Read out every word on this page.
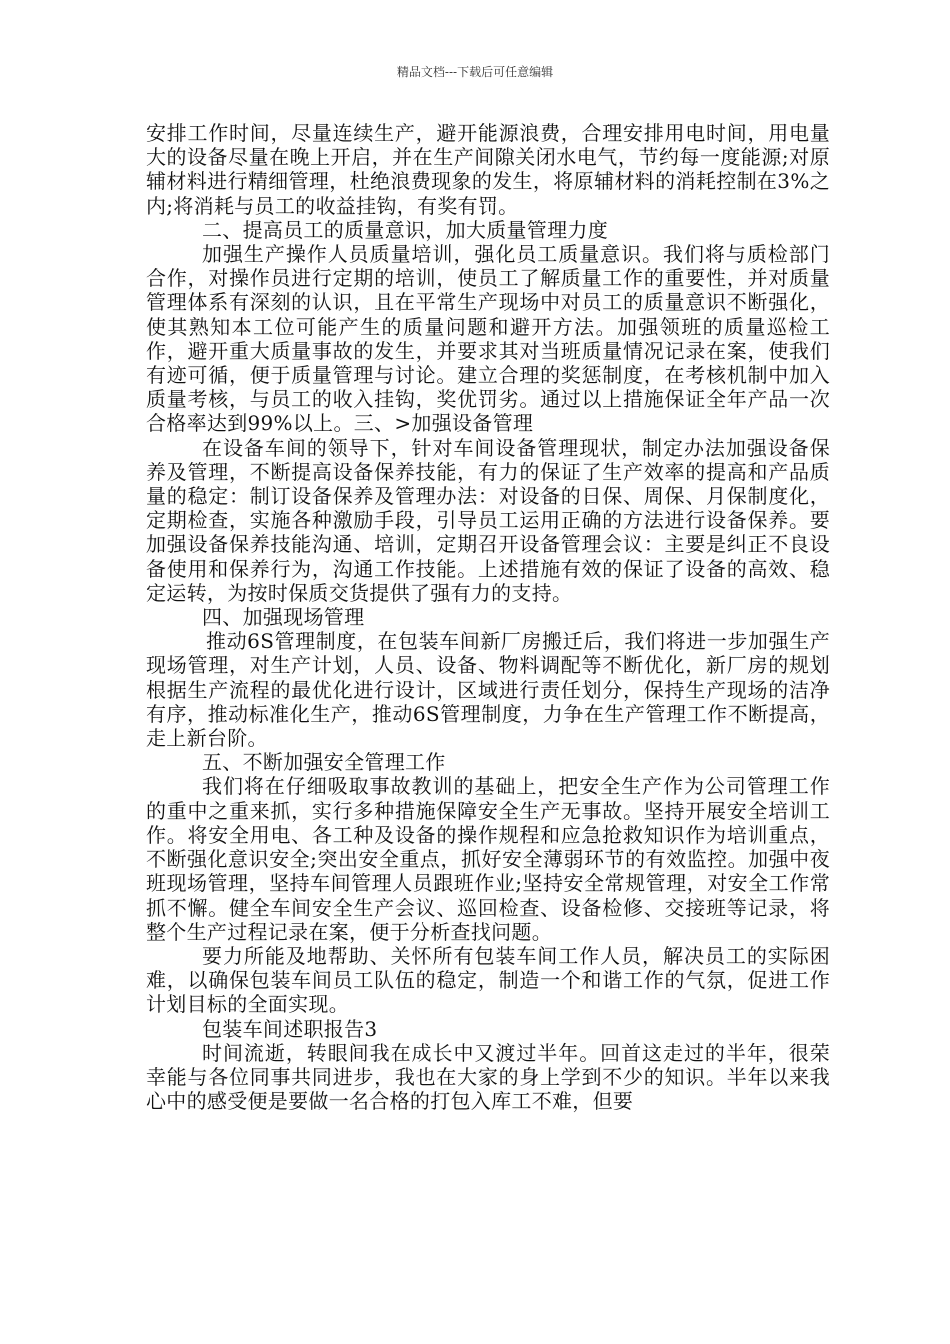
精品文档---下载后可任意编辑

安排工作时间，尽量连续生产，避开能源浪费，合理安排用电时间，用电量大的设备尽量在晚上开启，并在生产间隙关闭水电气，节约每一度能源;对原辅材料进行精细管理，杜绝浪费现象的发生，将原辅材料的消耗控制在3%之内;将消耗与员工的收益挂钩，有奖有罚。

二、提高员工的质量意识，加大质量管理力度

加强生产操作人员质量培训，强化员工质量意识。我们将与质检部门合作，对操作员进行定期的培训，使员工了解质量工作的重要性，并对质量管理体系有深刻的认识，且在平常生产现场中对员工的质量意识不断强化，使其熟知本工位可能产生的质量问题和避开方法。加强领班的质量巡检工作，避开重大质量事故的发生，并要求其对当班质量情况记录在案，使我们有迹可循，便于质量管理与讨论。建立合理的奖惩制度，在考核机制中加入质量考核，与员工的收入挂钩，奖优罚劣。通过以上措施保证全年产品一次合格率达到99%以上。三、>加强设备管理

在设备车间的领导下，针对车间设备管理现状，制定办法加强设备保养及管理，不断提高设备保养技能，有力的保证了生产效率的提高和产品质量的稳定：制订设备保养及管理办法：对设备的日保、周保、月保制度化，定期检查，实施各种激励手段，引导员工运用正确的方法进行设备保养。要加强设备保养技能沟通、培训，定期召开设备管理会议：主要是纠正不良设备使用和保养行为，沟通工作技能。上述措施有效的保证了设备的高效、稳定运转，为按时保质交货提供了强有力的支持。

四、加强现场管理

推动6S管理制度，在包装车间新厂房搬迁后，我们将进一步加强生产现场管理，对生产计划，人员、设备、物料调配等不断优化，新厂房的规划根据生产流程的最优化进行设计，区域进行责任划分，保持生产现场的洁净有序，推动标准化生产，推动6S管理制度，力争在生产管理工作不断提高，走上新台阶。

五、不断加强安全管理工作

我们将在仔细吸取事故教训的基础上，把安全生产作为公司管理工作的重中之重来抓，实行多种措施保障安全生产无事故。坚持开展安全培训工作。将安全用电、各工种及设备的操作规程和应急抢救知识作为培训重点，不断强化意识安全;突出安全重点，抓好安全薄弱环节的有效监控。加强中夜班现场管理，坚持车间管理人员跟班作业;坚持安全常规管理，对安全工作常抓不懈。健全车间安全生产会议、巡回检查、设备检修、交接班等记录，将整个生产过程记录在案，便于分析查找问题。

要力所能及地帮助、关怀所有包装车间工作人员，解决员工的实际困难，以确保包装车间员工队伍的稳定，制造一个和谐工作的气氛，促进工作计划目标的全面实现。

包装车间述职报告3

时间流逝，转眼间我在成长中又渡过半年。回首这走过的半年，很荣幸能与各位同事共同进步，我也在大家的身上学到不少的知识。半年以来我心中的感受便是要做一名合格的打包入库工不难，但要
